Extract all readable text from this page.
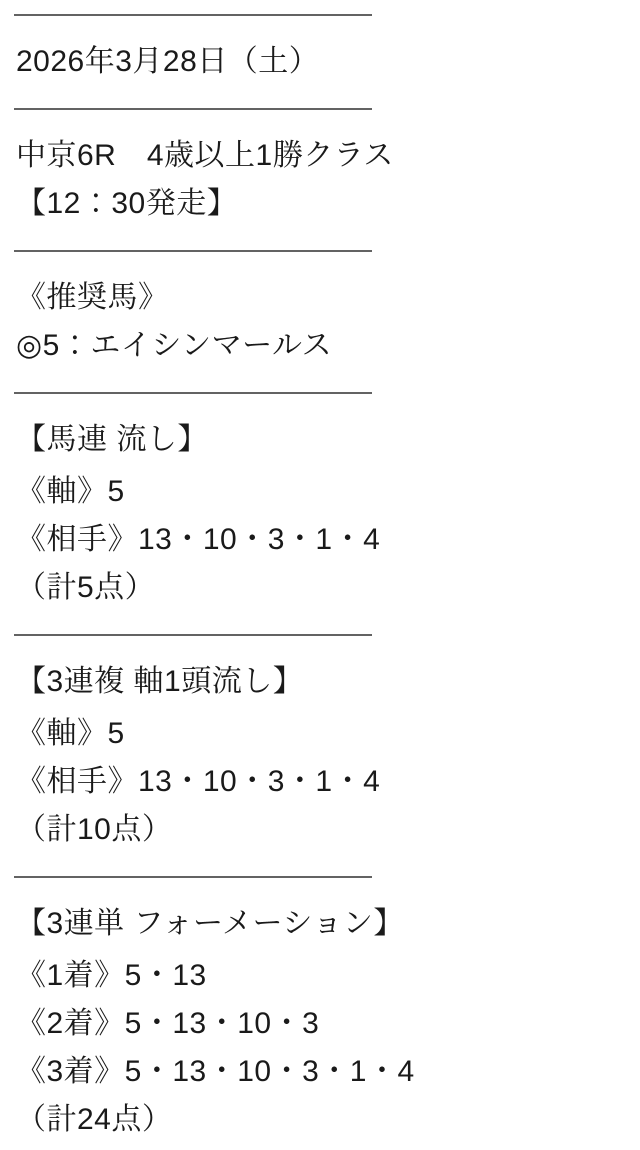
2026年3月28日（土）

中京6R　4歳以上1勝クラス

【12：30発走】

《推奨馬》

◎5：エイシンマールス

【馬連 流し】

《軸》5

《相手》13・10・3・1・4

（計5点）

【3連複 軸1頭流し】

《軸》5

《相手》13・10・3・1・4

（計10点）

【3連単 フォーメーション】

《1着》5・13

《2着》5・13・10・3

《3着》5・13・10・3・1・4

（計24点）
